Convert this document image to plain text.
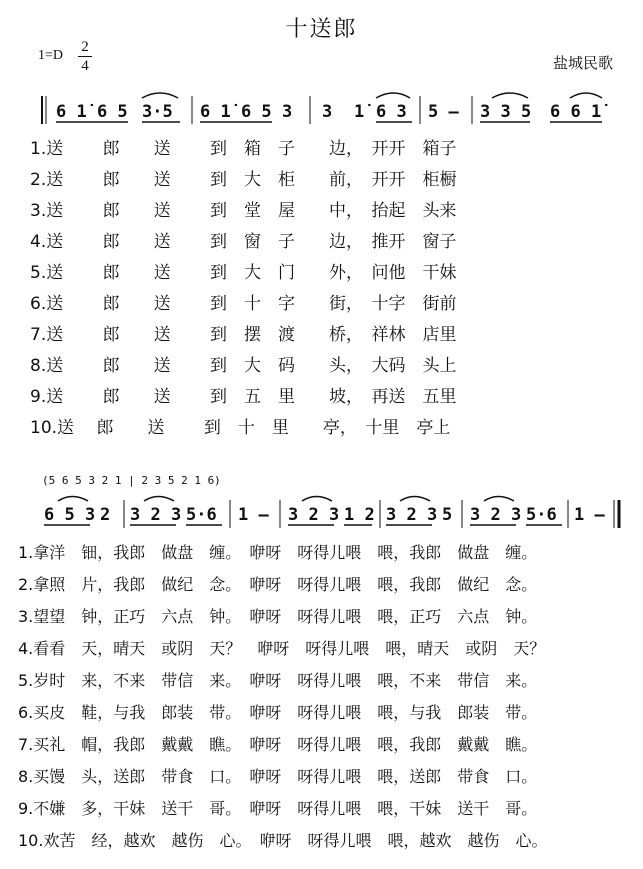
十送郎
1=D
2
4	盐城民歌
6 1̇ 6 5 3·5 6 1̇ 6 5 3 3 1̇ 6 3 5 – 3 3 5 6 6 1̇
(5 6 5 3 2 1 | 2 3 5 2 1 6)
6 5 3 2 3 2 3 5·6 1 – 3 2 3 1 2 3 2 3 5 3 2 3 5·6 1 –
1.送　　 郎　　送　　 到　箱　子　　边，　开开　箱子
2.送　　 郎　　送　　 到　大　柜　　前，　开开　柜橱
3.送　　 郎　　送　　 到　堂　屋　　中，　抬起　头来
4.送　　 郎　　送　　 到　窗　子　　边，　推开　窗子
5.送　　 郎　　送　　 到　大　门　　外，　问他　干妹
6.送　　 郎　　送　　 到　十　字　　街，　十字　街前
7.送　　 郎　　送　　 到　摆　渡　　桥，　祥林　店里
8.送　　 郎　　送　　 到　大　码　　头，　大码　头上
9.送　　 郎　　送　　 到　五　里　　坡，　再送　五里
10.送　 郎　　送　　 到　十　里　　亭，　十里　亭上
1.拿洋　钿，我郎　做盘　缠。　咿呀　呀得儿喂　喂，我郎　做盘　缠。
2.拿照　片，我郎　做纪　念。　咿呀　呀得儿喂　喂，我郎　做纪　念。
3.望望　钟，正巧　六点　钟。　咿呀　呀得儿喂　喂，正巧　六点　钟。
4.看看　天，晴天　或阴　天？　咿呀　呀得儿喂　喂，晴天　或阴　天？
5.岁时　来，不来　带信　来。　咿呀　呀得儿喂　喂，不来　带信　来。
6.买皮　鞋，与我　郎装　带。　咿呀　呀得儿喂　喂，与我　郎装　带。
7.买礼　帽，我郎　戴戴　瞧。　咿呀　呀得儿喂　喂，我郎　戴戴　瞧。
8.买馒　头，送郎　带食　口。　咿呀　呀得儿喂　喂，送郎　带食　口。
9.不嫌　多，干妹　送干　哥。　咿呀　呀得儿喂　喂，干妹　送干　哥。
10.欢苦　经，越欢　越伤　心。　咿呀　呀得儿喂　喂，越欢　越伤　心。
